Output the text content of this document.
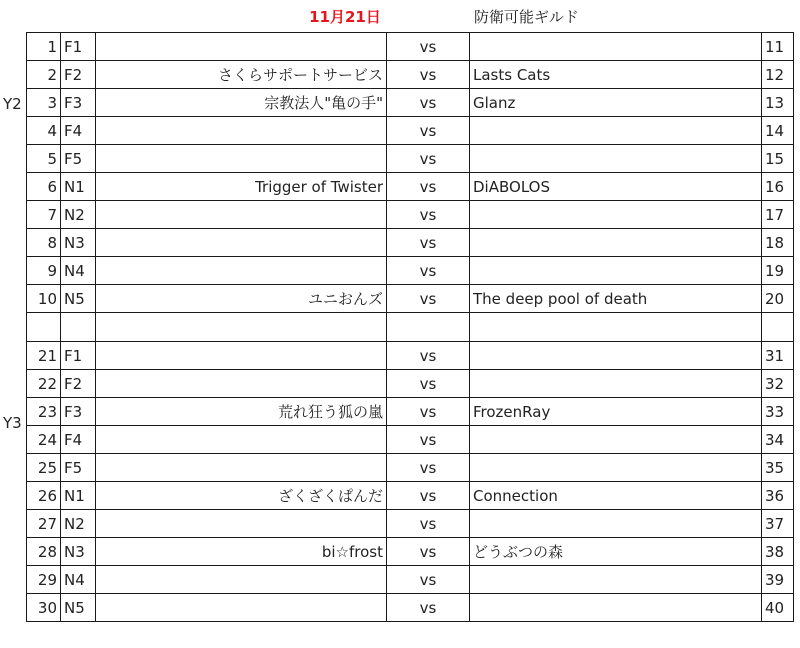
11月21日	防衛可能ギルド
Y2
Y3
1	F1		vs		11
2	F2	さくらサポートサービス	vs	Lasts Cats	12
3	F3	宗教法人"亀の手"	vs	Glanz	13
4	F4		vs		14
5	F5		vs		15
6	N1	Trigger of Twister	vs	DiABOLOS	16
7	N2		vs		17
8	N3		vs		18
9	N4		vs		19
10	N5	ユニおんズ	vs	The deep pool of death	20

21	F1		vs		31
22	F2		vs		32
23	F3	荒れ狂う狐の嵐	vs	FrozenRay	33
24	F4		vs		34
25	F5		vs		35
26	N1	ざくざくぱんだ	vs	Connection	36
27	N2		vs		37
28	N3	bi☆frost	vs	どうぶつの森	38
29	N4		vs		39
30	N5		vs		40
